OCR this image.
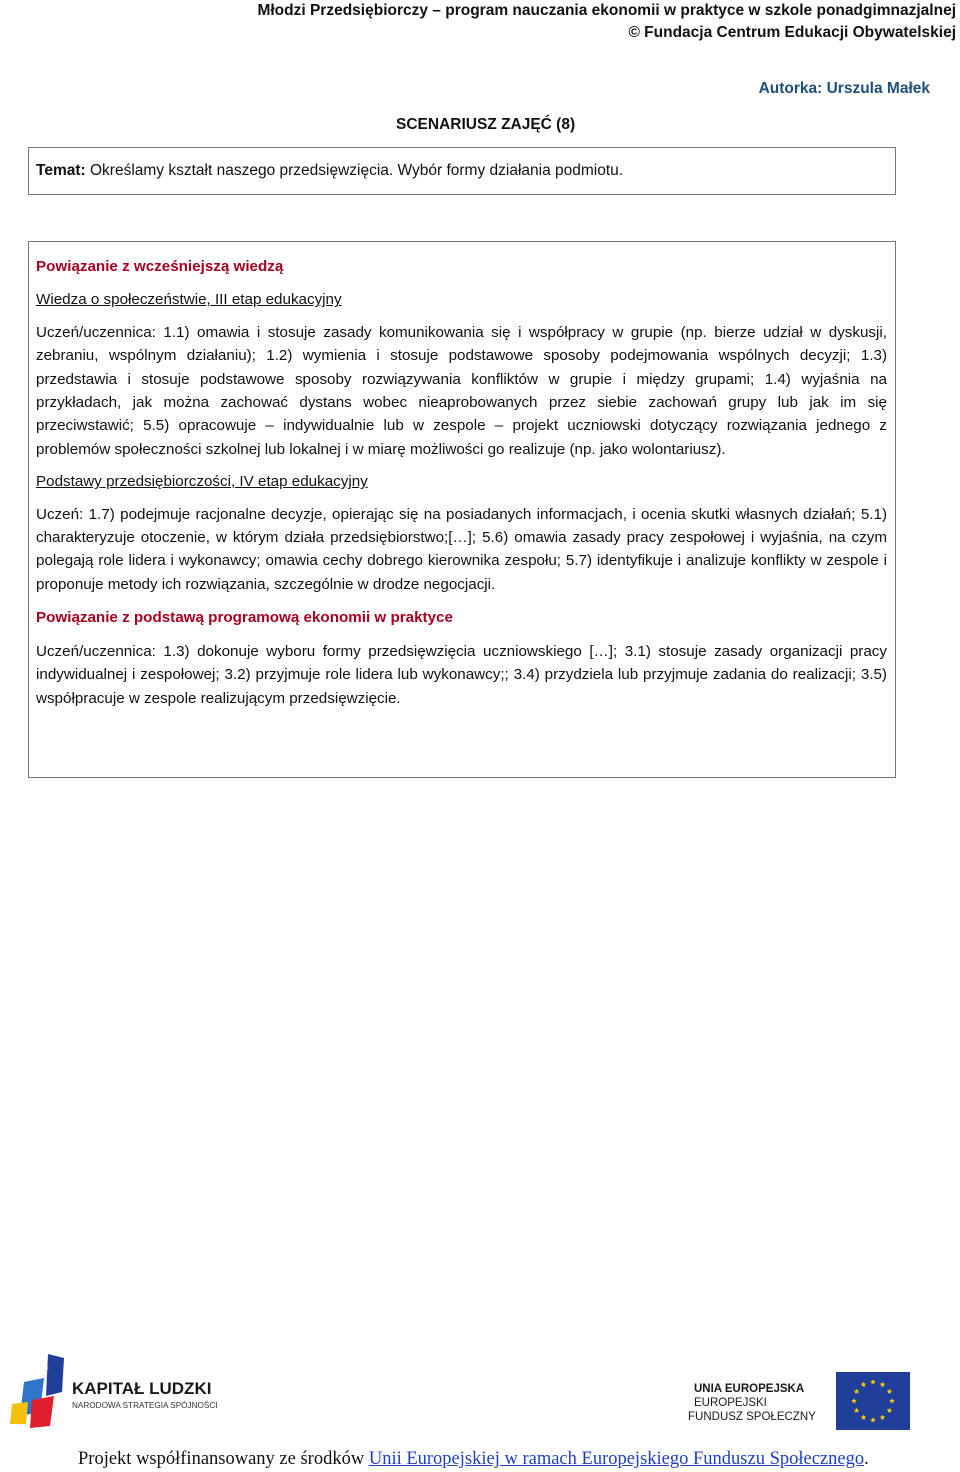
Młodzi Przedsiębiorczy – program nauczania ekonomii w praktyce w szkole ponadgimnazjalnej
© Fundacja Centrum Edukacji Obywatelskiej
Autorka: Urszula Małek
SCENARIUSZ ZAJĘĆ (8)
Temat: Określamy kształt naszego przedsięwzięcia. Wybór formy działania podmiotu.

Powiązanie z wcześniejszą wiedzą

Wiedza o społeczeństwie, III etap edukacyjny

Uczeń/uczennica: 1.1) omawia i stosuje zasady komunikowania się i współpracy w grupie (np. bierze udział w dyskusji, zebraniu, wspólnym działaniu); 1.2) wymienia i stosuje podstawowe sposoby podejmowania wspólnych decyzji; 1.3) przedstawia i stosuje podstawowe sposoby rozwiązywania konfliktów w grupie i między grupami; 1.4) wyjaśnia na przykładach, jak można zachować dystans wobec nieaprobowanych przez siebie zachowań grupy lub jak im się przeciwstawić; 5.5) opracowuje – indywidualnie lub w zespole – projekt uczniowski dotyczący rozwiązania jednego z problemów społeczności szkolnej lub lokalnej i w miarę możliwości go realizuje (np. jako wolontariusz).

Podstawy przedsiębiorczości, IV etap edukacyjny

Uczeń: 1.7) podejmuje racjonalne decyzje, opierając się na posiadanych informacjach, i ocenia skutki własnych działań; 5.1) charakteryzuje otoczenie, w którym działa przedsiębiorstwo;[…]; 5.6) omawia zasady pracy zespołowej i wyjaśnia, na czym polegają role lidera i wykonawcy; omawia cechy dobrego kierownika zespołu; 5.7) identyfikuje i analizuje konflikty w zespole i proponuje metody ich rozwiązania, szczególnie w drodze negocjacji.

Powiązanie z podstawą programową ekonomii w praktyce

Uczeń/uczennica: 1.3) dokonuje wyboru formy przedsięwzięcia uczniowskiego […]; 3.1) stosuje zasady organizacji pracy indywidualnej i zespołowej; 3.2) przyjmuje role lidera lub wykonawcy;; 3.4) przydziela lub przyjmuje zadania do realizacji; 3.5) współpracuje w zespole realizującym przedsięwzięcie.

KAPITAŁ LUDZKI
NARODOWA STRATEGIA SPÓJNOŚCI
UNIA EUROPEJSKA
EUROPEJSKI
FUNDUSZ SPOŁECZNY
Projekt współfinansowany ze środków Unii Europejskiej w ramach Europejskiego Funduszu Społecznego.
